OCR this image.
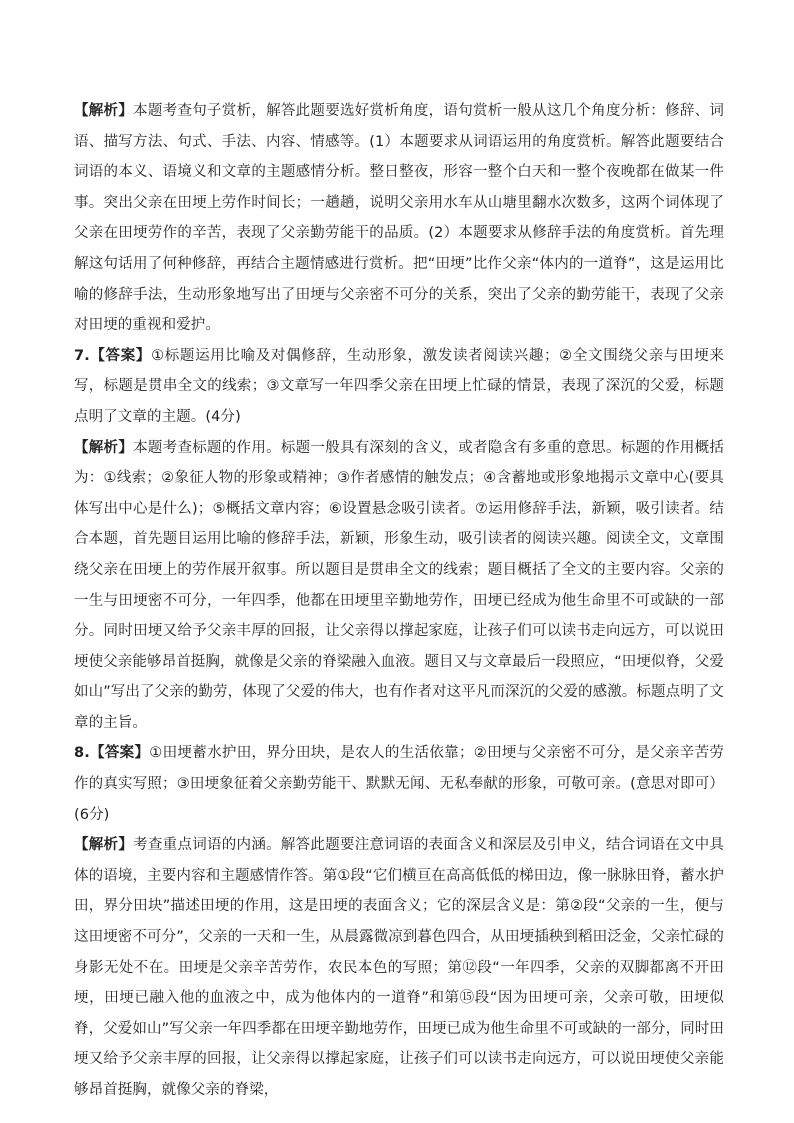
【解析】本题考查句子赏析，解答此题要选好赏析角度，语句赏析一般从这几个角度分析：修辞、词语、描写方法、句式、手法、内容、情感等。(1）本题要求从词语运用的角度赏析。解答此题要结合词语的本义、语境义和文章的主题感情分析。整日整夜，形容一整个白天和一整个夜晚都在做某一件事。突出父亲在田埂上劳作时间长；一趟趟，说明父亲用水车从山塘里翻水次数多，这两个词体现了父亲在田埂劳作的辛苦，表现了父亲勤劳能干的品质。(2）本题要求从修辞手法的角度赏析。首先理解这句话用了何种修辞，再结合主题情感进行赏析。把“田埂”比作父亲“体内的一道脊”，这是运用比喻的修辞手法，生动形象地写出了田埂与父亲密不可分的关系，突出了父亲的勤劳能干，表现了父亲对田埂的重视和爱护。

7.【答案】①标题运用比喻及对偶修辞，生动形象，激发读者阅读兴趣；②全文围绕父亲与田埂来写，标题是贯串全文的线索；③文章写一年四季父亲在田埂上忙碌的情景，表现了深沉的父爱，标题点明了文章的主题。(4分)

【解析】本题考查标题的作用。标题一般具有深刻的含义，或者隐含有多重的意思。标题的作用概括为：①线索；②象征人物的形象或精神；③作者感情的触发点；④含蓄地或形象地揭示文章中心(要具体写出中心是什么)；⑤概括文章内容；⑥设置悬念吸引读者。⑦运用修辞手法，新颖，吸引读者。结合本题，首先题目运用比喻的修辞手法，新颖，形象生动，吸引读者的阅读兴趣。阅读全文，文章围绕父亲在田埂上的劳作展开叙事。所以题目是贯串全文的线索；题目概括了全文的主要内容。父亲的一生与田埂密不可分，一年四季，他都在田埂里辛勤地劳作，田埂已经成为他生命里不可或缺的一部分。同时田埂又给予父亲丰厚的回报，让父亲得以撑起家庭，让孩子们可以读书走向远方，可以说田埂使父亲能够昂首挺胸，就像是父亲的脊梁融入血液。题目又与文章最后一段照应，“田埂似脊，父爱如山”写出了父亲的勤劳，体现了父爱的伟大，也有作者对这平凡而深沉的父爱的感激。标题点明了文章的主旨。

8.【答案】①田埂蓄水护田，界分田块，是农人的生活依靠；②田埂与父亲密不可分，是父亲辛苦劳作的真实写照；③田埂象征着父亲勤劳能干、默默无闻、无私奉献的形象，可敬可亲。(意思对即可）(6分)

【解析】考查重点词语的内涵。解答此题要注意词语的表面含义和深层及引申义，结合词语在文中具体的语境，主要内容和主题感情作答。第①段“它们横亘在高高低低的梯田边，像一脉脉田脊，蓄水护田，界分田块”描述田埂的作用，这是田埂的表面含义；它的深层含义是：第②段“父亲的一生，便与这田埂密不可分”，父亲的一天和一生，从晨露微凉到暮色四合，从田埂插秧到稻田泛金，父亲忙碌的身影无处不在。田埂是父亲辛苦劳作，农民本色的写照；第⑫段“一年四季，父亲的双脚都离不开田埂，田埂已融入他的血液之中，成为他体内的一道脊”和第⑮段“因为田埂可亲，父亲可敬，田埂似脊，父爱如山”写父亲一年四季都在田埂辛勤地劳作，田埂已成为他生命里不可或缺的一部分，同时田埂又给予父亲丰厚的回报，让父亲得以撑起家庭，让孩子们可以读书走向远方，可以说田埂使父亲能够昂首挺胸，就像父亲的脊梁，
